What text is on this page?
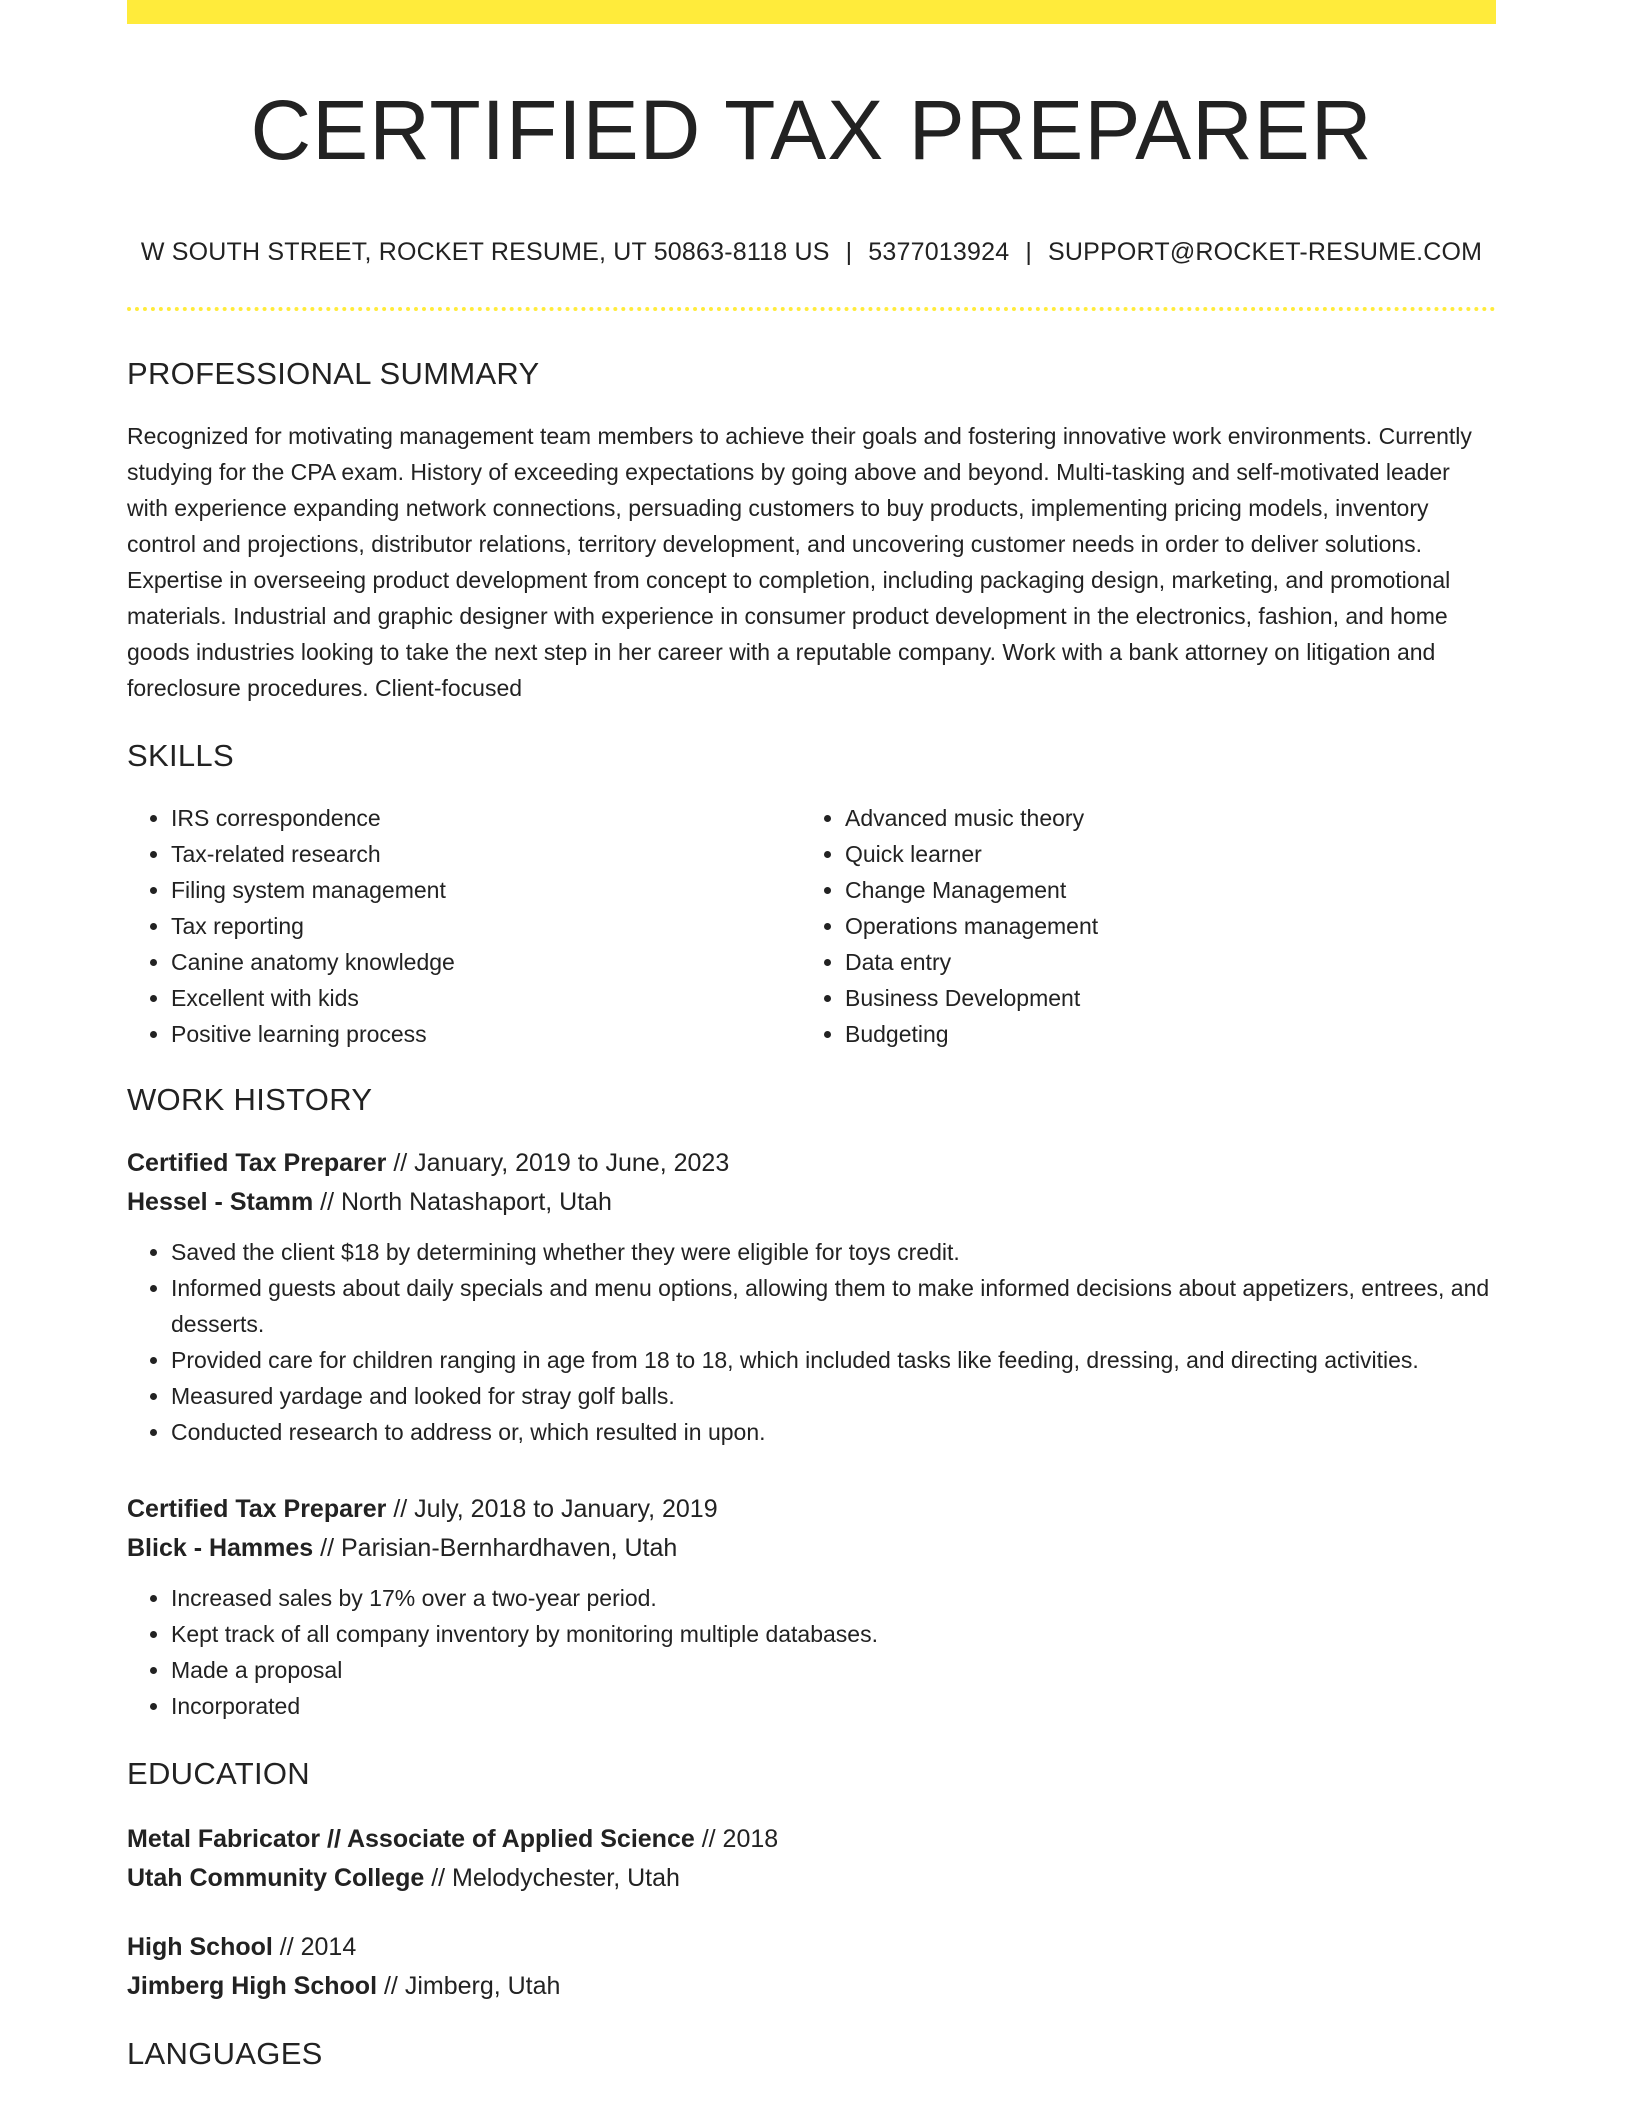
CERTIFIED TAX PREPARER
W SOUTH STREET, ROCKET RESUME, UT 50863-8118 US | 5377013924 | SUPPORT@ROCKET-RESUME.COM
PROFESSIONAL SUMMARY
Recognized for motivating management team members to achieve their goals and fostering innovative work environments. Currently studying for the CPA exam. History of exceeding expectations by going above and beyond. Multi-tasking and self-motivated leader with experience expanding network connections, persuading customers to buy products, implementing pricing models, inventory control and projections, distributor relations, territory development, and uncovering customer needs in order to deliver solutions. Expertise in overseeing product development from concept to completion, including packaging design, marketing, and promotional materials. Industrial and graphic designer with experience in consumer product development in the electronics, fashion, and home goods industries looking to take the next step in her career with a reputable company. Work with a bank attorney on litigation and foreclosure procedures. Client-focused
SKILLS
• IRS correspondence
• Tax-related research
• Filing system management
• Tax reporting
• Canine anatomy knowledge
• Excellent with kids
• Positive learning process
• Advanced music theory
• Quick learner
• Change Management
• Operations management
• Data entry
• Business Development
• Budgeting
WORK HISTORY
Certified Tax Preparer // January, 2019 to June, 2023
Hessel - Stamm // North Natashaport, Utah
• Saved the client $18 by determining whether they were eligible for toys credit.
• Informed guests about daily specials and menu options, allowing them to make informed decisions about appetizers, entrees, and desserts.
• Provided care for children ranging in age from 18 to 18, which included tasks like feeding, dressing, and directing activities.
• Measured yardage and looked for stray golf balls.
• Conducted research to address or, which resulted in upon.
Certified Tax Preparer // July, 2018 to January, 2019
Blick - Hammes // Parisian-Bernhardhaven, Utah
• Increased sales by 17% over a two-year period.
• Kept track of all company inventory by monitoring multiple databases.
• Made a proposal
• Incorporated
EDUCATION
Metal Fabricator // Associate of Applied Science // 2018
Utah Community College // Melodychester, Utah
High School // 2014
Jimberg High School // Jimberg, Utah
LANGUAGES
